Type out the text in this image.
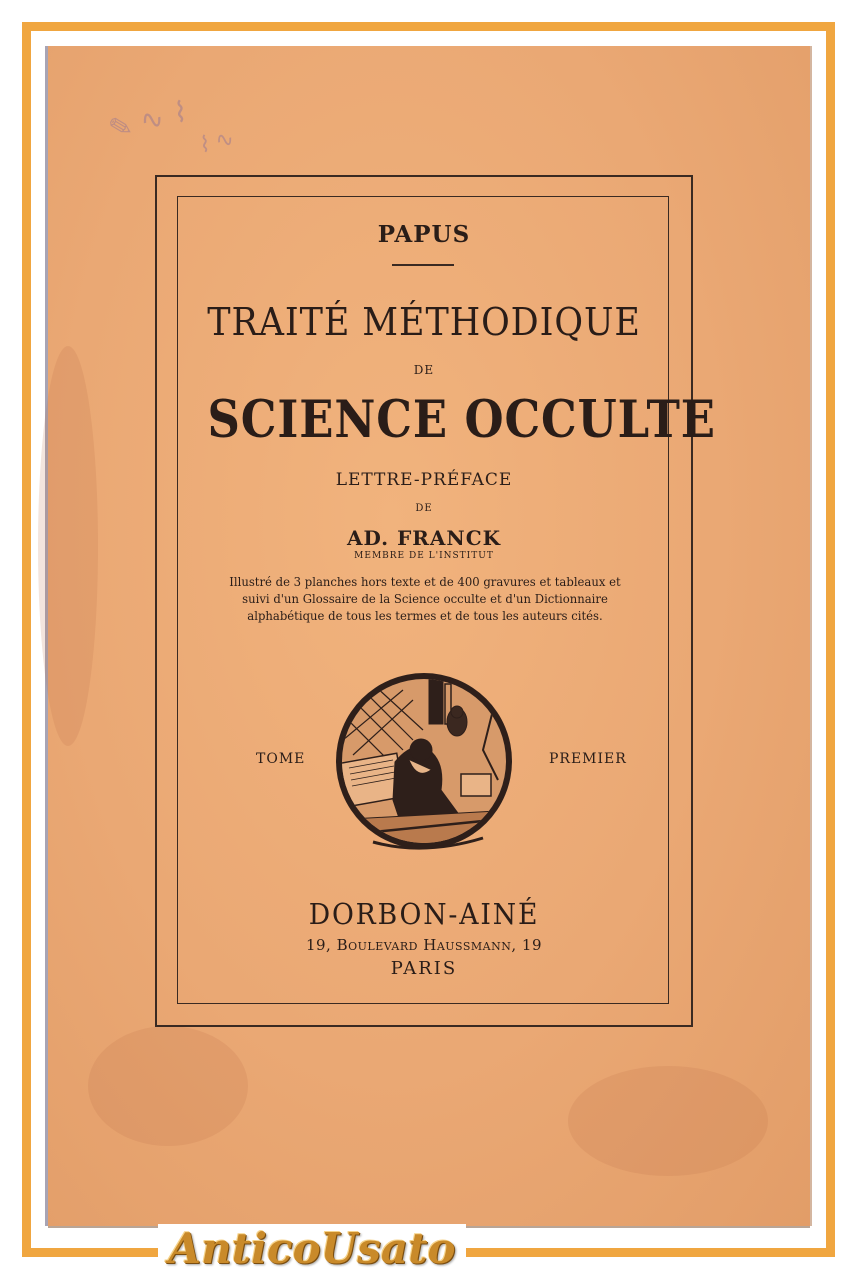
✎ ∿ ⌇ ⌇ ∿
PAPUS
TRAITÉ MÉTHODIQUE
DE
SCIENCE OCCULTE
LETTRE-PRÉFACE
DE
AD. FRANCK
MEMBRE DE L'INSTITUT
Illustré de 3 planches hors texte et de 400 gravures et tableaux et suivi d'un Glossaire de la Science occulte et d'un Dictionnaire alphabétique de tous les termes et de tous les auteurs cités.
TOME	PREMIER
DORBON-AINÉ
19, Boulevard Haussmann, 19
PARIS
AnticoUsato
